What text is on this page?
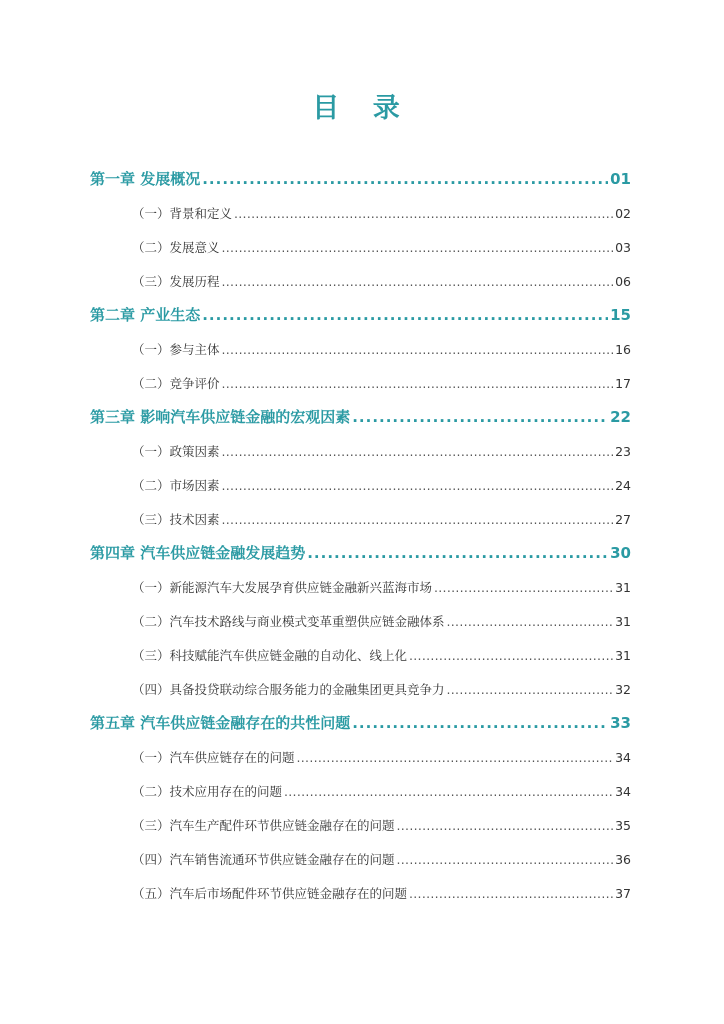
目 录
第一章 发展概况 .....	01
（一）背景和定义 .....	02
（二）发展意义 .....	03
（三）发展历程 .....	06
第二章 产业生态 .....	15
（一）参与主体 .....	16
（二）竞争评价 .....	17
第三章 影响汽车供应链金融的宏观因素 .....	22
（一）政策因素 .....	23
（二）市场因素 .....	24
（三）技术因素 .....	27
第四章 汽车供应链金融发展趋势 .....	30
（一）新能源汽车大发展孕育供应链金融新兴蓝海市场 .....	31
（二）汽车技术路线与商业模式变革重塑供应链金融体系 .....	31
（三）科技赋能汽车供应链金融的自动化、线上化 .....	31
（四）具备投贷联动综合服务能力的金融集团更具竞争力 .....	32
第五章 汽车供应链金融存在的共性问题 .....	33
（一）汽车供应链存在的问题 .....	34
（二）技术应用存在的问题 .....	34
（三）汽车生产配件环节供应链金融存在的问题 .....	35
（四）汽车销售流通环节供应链金融存在的问题 .....	36
（五）汽车后市场配件环节供应链金融存在的问题 .....	37
